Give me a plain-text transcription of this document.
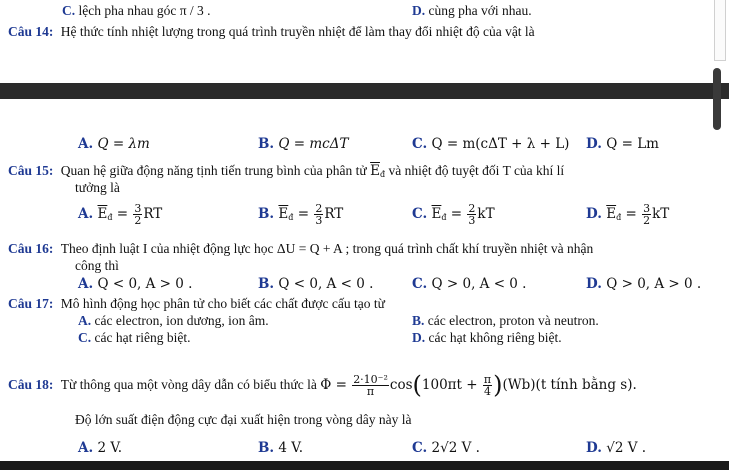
C. lệch pha nhau góc π / 3 .	D. cùng pha với nhau.
Câu 14: Hệ thức tính nhiệt lượng trong quá trình truyền nhiệt để làm thay đổi nhiệt độ của vật là
A. Q = λm	B. Q = mcΔT	C. Q = m(cΔT + λ + L) D. Q = Lm
Câu 15: Quan hệ giữa động năng tịnh tiến trung bình của phân tử $\overline{E}_đ$ và nhiệt độ tuyệt đối T của khí lí
tưởng là
A. $\overline{E}_đ = \frac{3}{2}$ RT	B. $\overline{E}_đ = \frac{2}{3}$ RT	C. $\overline{E}_đ = \frac{2}{3}$ kT	D. $\overline{E}_đ = \frac{3}{2}$ kT
Câu 16: Theo định luật I của nhiệt động lực học ΔU = Q + A ; trong quá trình chất khí truyền nhiệt và nhận
công thì
A. Q < 0, A > 0 .	B. Q < 0, A < 0 .	C. Q > 0, A < 0 .	D. Q > 0, A > 0 .
Câu 17: Mô hình động học phân tử cho biết các chất được cấu tạo từ
A. các electron, ion dương, ion âm.	B. các electron, proton và neutron.
C. các hạt riêng biệt.	D. các hạt không riêng biệt.
Câu 18: Từ thông qua một vòng dây dẫn có biểu thức là $\Phi = \frac{\text{2·10⁻²}}{\pi} \cos(100\pi t + \frac{\pi}{4} )(Wb)(t$ tính bằng s).
Độ lớn suất điện động cực đại xuất hiện trong vòng dây này là
A. 2 V.	B. 4 V.	C. 2√2 V .	D. √2 V .
